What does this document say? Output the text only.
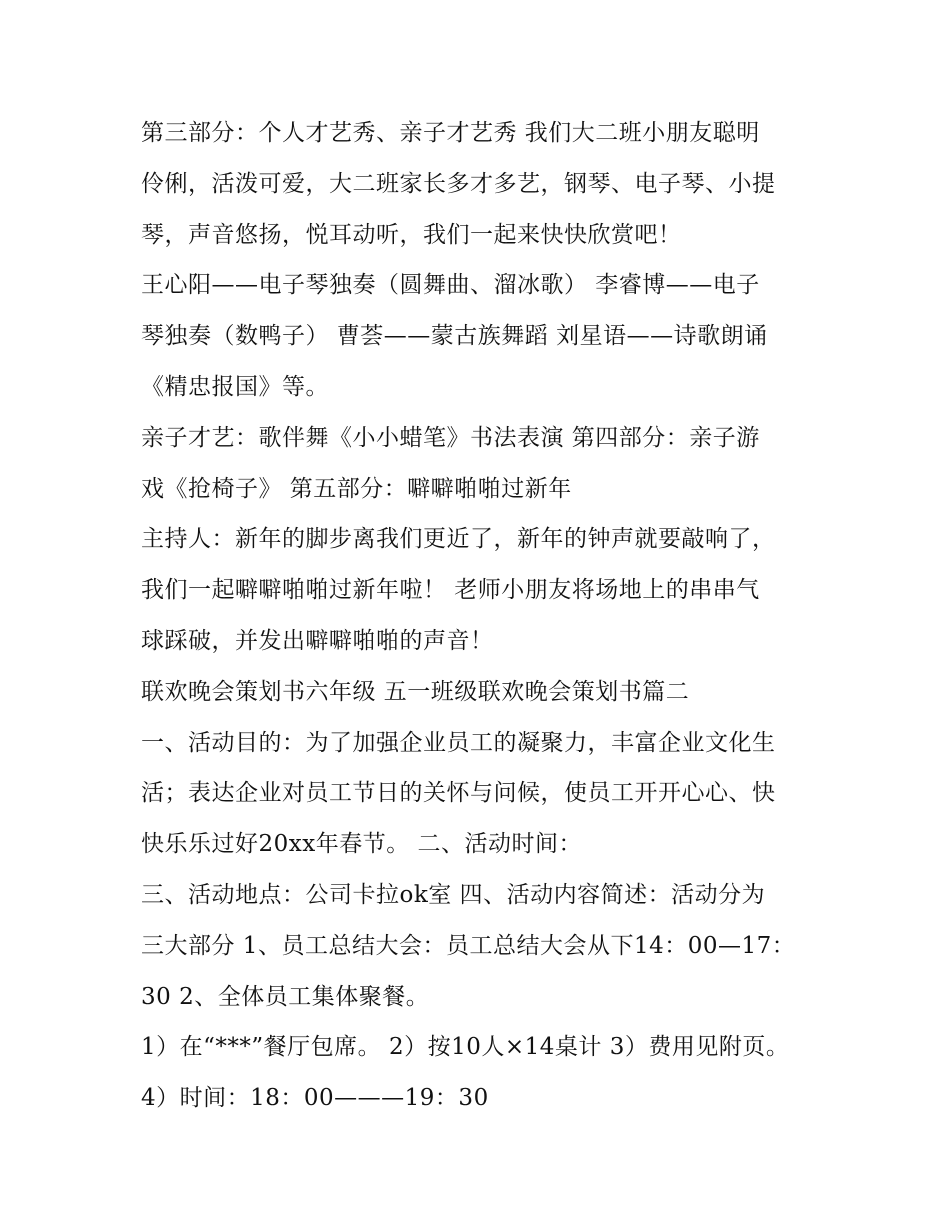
第三部分：个人才艺秀、亲子才艺秀 我们大二班小朋友聪明
伶俐，活泼可爱，大二班家长多才多艺，钢琴、电子琴、小提
琴，声音悠扬，悦耳动听，我们一起来快快欣赏吧！
王心阳——电子琴独奏（圆舞曲、溜冰歌） 李睿博——电子
琴独奏（数鸭子） 曹荟——蒙古族舞蹈 刘星语——诗歌朗诵
《精忠报国》等。
亲子才艺：歌伴舞《小小蜡笔》书法表演 第四部分：亲子游
戏《抢椅子》 第五部分：噼噼啪啪过新年
主持人：新年的脚步离我们更近了，新年的钟声就要敲响了，
我们一起噼噼啪啪过新年啦！ 老师小朋友将场地上的串串气
球踩破，并发出噼噼啪啪的声音！
联欢晚会策划书六年级 五一班级联欢晚会策划书篇二
一、活动目的：为了加强企业员工的凝聚力，丰富企业文化生
活；表达企业对员工节日的关怀与问候，使员工开开心心、快
快乐乐过好20xx年春节。 二、活动时间：
三、活动地点：公司卡拉ok室 四、活动内容简述：活动分为
三大部分 1、员工总结大会：员工总结大会从下14：00—17：
30 2、全体员工集体聚餐。
1）在“***”餐厅包席。 2）按10人×14桌计 3）费用见附页。
4）时间：18：00———19：30
